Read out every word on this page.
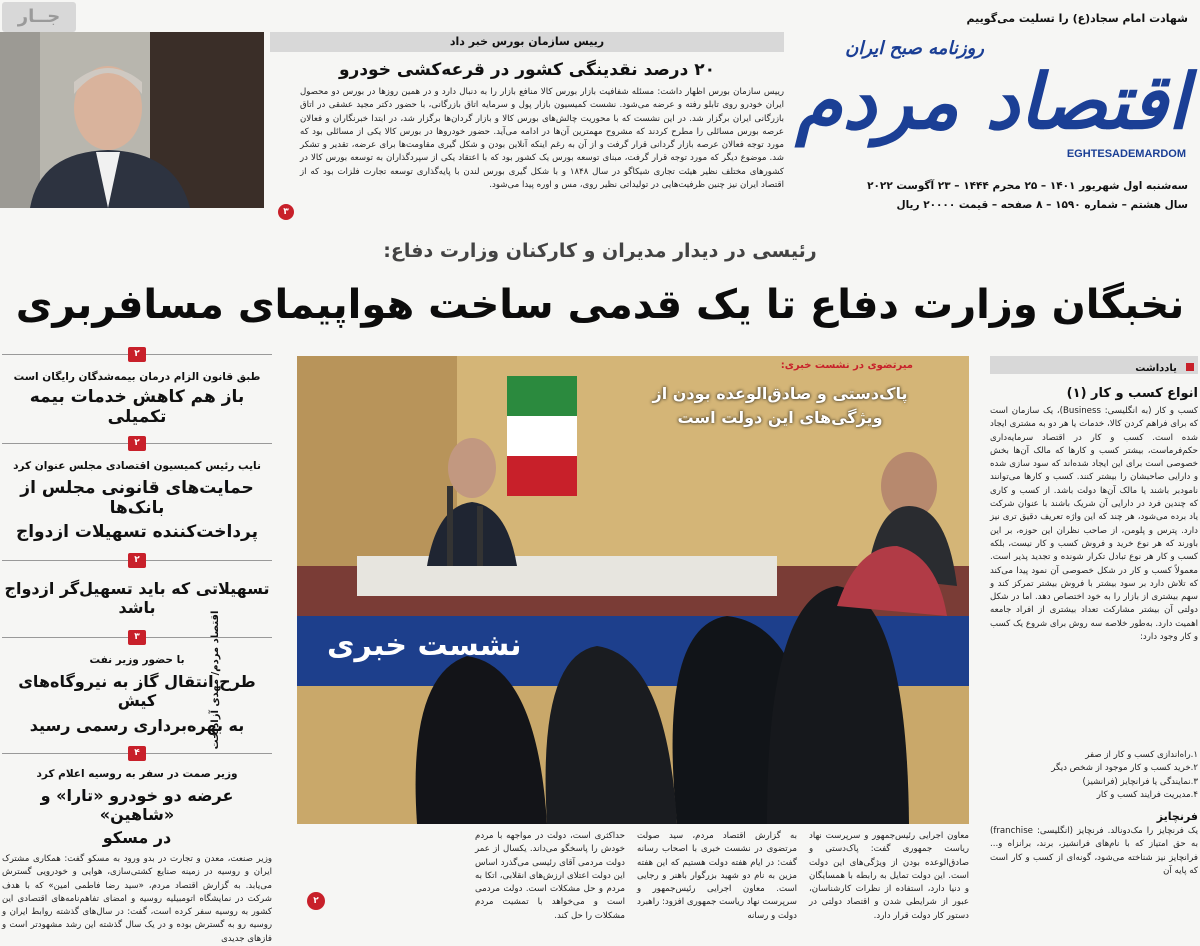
جــار
رییس سازمان بورس خبر داد
۲۰ درصد نقدینگی کشور در قرعه‌کشی خودرو
رییس سازمان بورس اظهار داشت: مسئله شفافیت بازار بورس کالا منافع بازار را به دنبال دارد و در همین روزها در بورس دو محصول ایران خودرو روی تابلو رفته و عرضه می‌شود. نشست کمیسیون بازار پول و سرمایه اتاق بازرگانی، با حضور دکتر مجید عشقی در اتاق بازرگانی ایران برگزار شد. در این نشست که با محوریت چالش‌های بورس کالا و بازار گردان‌ها برگزار شد، در ابتدا خبرنگاران و فعالان عرصه بورس مسائلی را مطرح کردند که مشروح مهمترین آن‌ها در ادامه می‌آید. حضور خودروها در بورس کالا یکی از مسائلی بود که مورد توجه فعالان عرصه بازار گردانی قرار گرفت و از آن به رغم اینکه آنلاین بودن و شکل گیری مقاومت‌ها برای عرضه، تقدیر و تشکر شد. موضوع دیگر که مورد توجه قرار گرفت، مبنای توسعه بورس یک کشور بود که با اعتقاد یکی از سپردگذاران به توسعه بورس کالا در کشورهای مختلف نظیر هیئت تجاری شیکاگو در سال ۱۸۴۸ و با شکل گیری بورس لندن با پایه‌گذاری توسعه تجارت فلزات بود که از اقتصاد ایران نیز چنین ظرفیت‌هایی در تولیداتی نظیر روی، مس و اوره پیدا می‌شود.
۳
شهادت امام سجاد(ع) را تسلیت می‌گوییم
روزنامه صبح ایران
اقتصاد مردم
EGHTESADEMARDOM
سه‌شنبه اول شهریور ۱۴۰۱ – ۲۵ محرم ۱۴۴۴ – ۲۳ آگوست ۲۰۲۲
سال هشتم – شماره ۱۵۹۰ – ۸ صفحه – قیمت ۲۰۰۰۰ ریال
رئیسی در دیدار مدیران و کارکنان وزارت دفاع:
نخبگان وزارت دفاع تا یک قدمی ساخت هواپیمای مسافربری
میرتضوی در نشست خبری:
پاک‌دستی و صادق‌الوعده بودن از ویژگی‌های این دولت است
نشست خبری
اقتصاد مردم/ مهدی آزادبخت
معاون اجرایی رئیس‌جمهور و سرپرست نهاد ریاست جمهوری گفت: پاک‌دستی و صادق‌الوعده بودن از ویژگی‌های این دولت است. این دولت تمایل به رابطه با همسایگان و دنیا دارد، استفاده از نظرات کارشناسان، عبور از شرایطی شدن و اقتصاد دولتی در دستور کار دولت قرار دارد.
به گزارش اقتصاد مردم، سید صولت مرتضوی در نشست خبری با اصحاب رسانه گفت: در ایام هفته دولت هستیم که این هفته مزین به نام دو شهید بزرگوار باهنر و رجایی است. معاون اجرایی رئیس‌جمهور و سرپرست نهاد ریاست جمهوری افزود: راهبرد دولت و رسانه
حداکثری است، دولت در مواجهه با مردم خودش را پاسخگو می‌داند. یکسال از عمر دولت مردمی آقای رئیسی می‌گذرد اساس این دولت اعتلای ارزش‌های انقلابی، اتکا به مردم و حل مشکلات است. دولت مردمی است و می‌خواهد با تمشیت مردم مشکلات را حل کند.
۲
۲
طبق قانون الزام درمان بیمه‌شدگان رایگان است
باز هم کاهش خدمات بیمه تکمیلی
۲
نایب رئیس کمیسیون اقتصادی مجلس عنوان کرد
حمایت‌های قانونی مجلس از بانک‌ها
پرداخت‌کننده تسهیلات ازدواج
۲
تسهیلاتی که باید تسهیل‌گر ازدواج باشد
۳
با حضور وزیر نفت
طرح انتقال گاز به نیروگاه‌های کیش
به بهره‌برداری رسمی رسید
۴
وزیر صمت در سفر به روسیه اعلام کرد
عرضه دو خودرو «تارا» و «شاهین»
در مسکو
وزیر صنعت، معدن و تجارت در بدو ورود به مسکو گفت: همکاری مشترک ایران و روسیه در زمینه صنایع کشتی‌سازی، هوایی و خودرویی گسترش می‌یابد. به گزارش اقتصاد مردم، «سید رضا فاطمی امین» که با هدف شرکت در نمایشگاه اتومبیلیه روسیه و امضای تفاهم‌نامه‌های اقتصادی این کشور به روسیه سفر کرده است، گفت: در سال‌های گذشته روابط ایران و روسیه رو به گسترش بوده و در یک سال گذشته این رشد مشهودتر است و فازهای جدیدی
یادداشت
انواع کسب و کار (۱)
کسب و کار (به انگلیسی: Business)، یک سازمان است که برای فراهم کردن کالا، خدمات یا هر دو به مشتری ایجاد شده است. کسب و کار در اقتصاد سرمایه‌داری حکم‌فرماست، بیشتر کسب و کارها که مالک آن‌ها بخش خصوصی است برای این ایجاد شده‌اند که سود سازی شده و دارایی صاحبشان را بیشتر کنند. کسب و کارها می‌توانند نامودبر باشند یا مالک آن‌ها دولت باشد. از کسب و کاری که چندین فرد در دارایی آن شریک باشند با عنوان شرکت یاد برده می‌شود، هر چند که این واژه تعریف دقیق تری نیز دارد. پترس و پلومن، از صاحب نظران این حوزه، بر این باورند که هر نوع خرید و فروش کسب و کار نیست، بلکه کسب و کار هر نوع تبادل تکرار شونده و تجدید پذیر است. معمولاً کسب و کار در شکل خصوصی آن نمود پیدا می‌کند که تلاش دارد بر سود بیشتر با فروش بیشتر تمرکز کند و سهم بیشتری از بازار را به خود اختصاص دهد. اما در شکل دولتی آن بیشتر مشارکت تعداد بیشتری از افراد جامعه اهمیت دارد. به‌طور خلاصه سه روش برای شروع یک کسب و کار وجود دارد:
۱.راه‌اندازی کسب و کار از صفر
۲.خرید کسب و کار موجود از شخص دیگر
۳.نمایندگی یا فرانچایز (فرانشیز)
۴.مدیریت فرایند کسب و کار
فرنچایز
یک فرنچایز را مک‌دونالد. فرنچایز (انگلیسی: franchise) به حق امتیاز که با نام‌های فرانشیز، برند، برانزاه و... فرانچایز نیز شناخته می‌شود، گونه‌ای از کسب و کار است که پایه آن
